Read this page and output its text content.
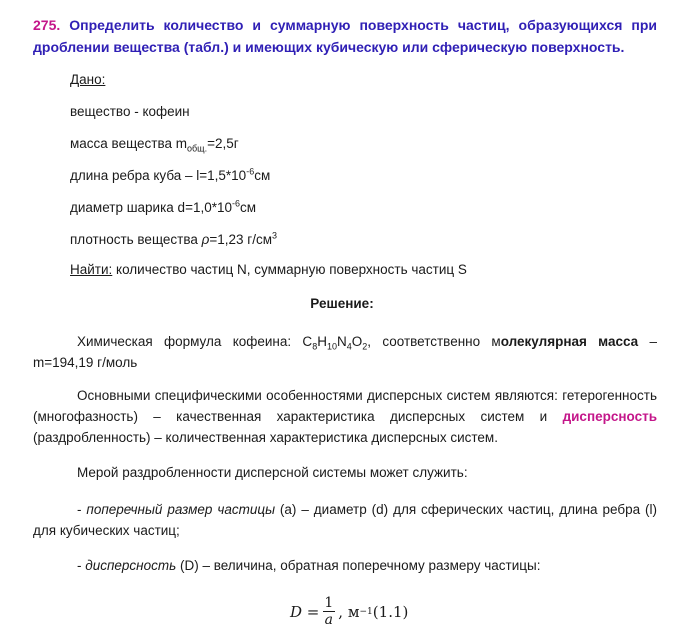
275. Определить количество и суммарную поверхность частиц, образующихся при дроблении вещества (табл.) и имеющих кубическую или сферическую поверхность.
Дано:
вещество - кофеин
масса вещества $m_{общ.}=2,5г$
длина ребра куба – $l=1,5*10^{-6}см$
диаметр шарика $d=1,0*10^{-6}см$
плотность вещества ρ=1,23 $г/см^3$
Найти: количество частиц N, суммарную поверхность частиц S
Решение:
Химическая формула кофеина: $C_8H_{10}N_4O_2$, соответственно молекулярная масса – m=194,19 г/моль
Основными специфическими особенностями дисперсных систем являются: гетерогенность (многофазность) – качественная характеристика дисперсных систем и дисперсность (раздробленность) – количественная характеристика дисперсных систем.
Мерой раздробленности дисперсной системы может служить:
- поперечный размер частицы (а) – диаметр (d) для сферических частиц, длина ребра (l) для кубических частиц;
- дисперсность (D) – величина, обратная поперечному размеру частицы:
$D = \frac{1}{a}$ , м −1 (1.1)
